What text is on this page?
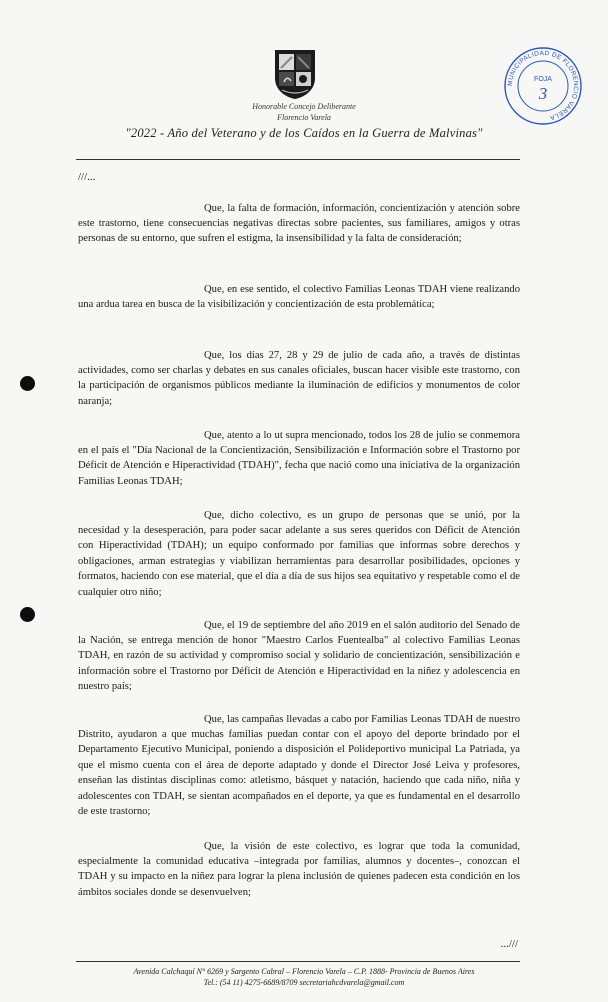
Honorable Concejo Deliberante
Florencio Varela
"2022 - Año del Veterano y de los Caídos en la Guerra de Malvinas"
MUNICIPALIDAD DE FLORENCIO VARELA
FOJA
3
///...

Que, la falta de formación, información, concientización y atención sobre este trastorno, tiene consecuencias negativas directas sobre pacientes, sus familiares, amigos y otras personas de su entorno, que sufren el estigma, la insensibilidad y la falta de consideración;

Que, en ese sentido, el colectivo Familias Leonas TDAH viene realizando una ardua tarea en busca de la visibilización y concientización de esta problemática;

Que, los días 27, 28 y 29 de julio de cada año, a través de distintas actividades, como ser charlas y debates en sus canales oficiales, buscan hacer visible este trastorno, con la participación de organismos públicos mediante la iluminación de edificios y monumentos de color naranja;

Que, atento a lo ut supra mencionado, todos los 28 de julio se conmemora en el país el "Día Nacional de la Concientización, Sensibilización e Información sobre el Trastorno por Déficit de Atención e Hiperactividad (TDAH)", fecha que nació como una iniciativa de la organización Familias Leonas TDAH;

Que, dicho colectivo, es un grupo de personas que se unió, por la necesidad y la desesperación, para poder sacar adelante a sus seres queridos con Déficit de Atención con Hiperactividad (TDAH); un equipo conformado por familias que informas sobre derechos y obligaciones, arman estrategias y viabilizan herramientas para desarrollar posibilidades, opciones y formatos, haciendo con ese material, que el día a día de sus hijos sea equitativo y respetable como el de cualquier otro niño;

Que, el 19 de septiembre del año 2019 en el salón auditorio del Senado de la Nación, se entrega mención de honor "Maestro Carlos Fuentealba" al colectivo Familias Leonas TDAH, en razón de su actividad y compromiso social y solidario de concientización, sensibilización e información sobre el Trastorno por Déficit de Atención e Hiperactividad en la niñez y adolescencia en nuestro país;

Que, las campañas llevadas a cabo por Familias Leonas TDAH de nuestro Distrito, ayudaron a que muchas familias puedan contar con el apoyo del deporte brindado por el Departamento Ejecutivo Municipal, poniendo a disposición el Polideportivo municipal La Patriada, ya que el mismo cuenta con el área de deporte adaptado y donde el Director José Leiva y profesores, enseñan las distintas disciplinas como: atletismo, básquet y natación, haciendo que cada niño, niña y adolescentes con TDAH, se sientan acompañados en el deporte, ya que es fundamental en el desarrollo de este trastorno;

Que, la visión de este colectivo, es lograr que toda la comunidad, especialmente la comunidad educativa –integrada por familias, alumnos y docentes–, conozcan el TDAH y su impacto en la niñez para lograr la plena inclusión de quienes padecen esta condición en los ámbitos sociales donde se desenvuelven;

...///
Avenida Calchaquí N° 6269 y Sargento Cabral – Florencio Varela – C.P. 1888- Provincia de Buenos Aires
Tel.: (54 11) 4275-6689/8709 secretariahcdvarela@gmail.com
